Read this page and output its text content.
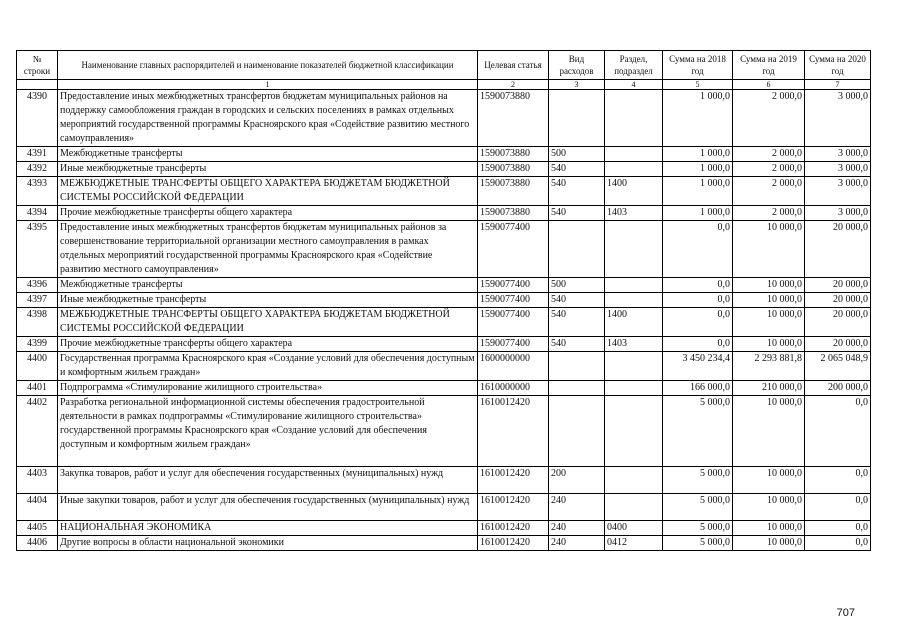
№ строки	Наименование главных распорядителей и наименование показателей бюджетной классификации	Целевая статья	Вид расходов	Раздел, подраздел	Сумма на 2018 год	Сумма на 2019 год	Сумма на 2020 год
	1	2	3	4	5	6	7
4390	Предоставление иных межбюджетных трансфертов бюджетам муниципальных районов на поддержку самообложения граждан в городских и сельских поселениях в рамках отдельных мероприятий государственной программы Красноярского края «Содействие развитию местного самоуправления»	1590073880			1 000,0	2 000,0	3 000,0
4391	Межбюджетные трансферты	1590073880	500		1 000,0	2 000,0	3 000,0
4392	Иные межбюджетные трансферты	1590073880	540		1 000,0	2 000,0	3 000,0
4393	МЕЖБЮДЖЕТНЫЕ ТРАНСФЕРТЫ ОБЩЕГО ХАРАКТЕРА БЮДЖЕТАМ БЮДЖЕТНОЙ СИСТЕМЫ РОССИЙСКОЙ ФЕДЕРАЦИИ	1590073880	540	1400	1 000,0	2 000,0	3 000,0
4394	Прочие межбюджетные трансферты общего характера	1590073880	540	1403	1 000,0	2 000,0	3 000,0
4395	Предоставление иных межбюджетных трансфертов бюджетам муниципальных районов за совершенствование территориальной организации местного самоуправления в рамках отдельных мероприятий государственной программы Красноярского края «Содействие развитию местного самоуправления»	1590077400			0,0	10 000,0	20 000,0
4396	Межбюджетные трансферты	1590077400	500		0,0	10 000,0	20 000,0
4397	Иные межбюджетные трансферты	1590077400	540		0,0	10 000,0	20 000,0
4398	МЕЖБЮДЖЕТНЫЕ ТРАНСФЕРТЫ ОБЩЕГО ХАРАКТЕРА БЮДЖЕТАМ БЮДЖЕТНОЙ СИСТЕМЫ РОССИЙСКОЙ ФЕДЕРАЦИИ	1590077400	540	1400	0,0	10 000,0	20 000,0
4399	Прочие межбюджетные трансферты общего характера	1590077400	540	1403	0,0	10 000,0	20 000,0
4400	Государственная программа Красноярского края «Создание условий для обеспечения доступным и комфортным жильем граждан»	1600000000			3 450 234,4	2 293 881,8	2 065 048,9
4401	Подпрограмма «Стимулирование жилищного строительства»	1610000000			166 000,0	210 000,0	200 000,0
4402	Разработка региональной информационной системы обеспечения градостроительной деятельности в рамках подпрограммы «Стимулирование жилищного строительства» государственной программы Красноярского края «Создание условий для обеспечения доступным и комфортным жильем граждан»	1610012420			5 000,0	10 000,0	0,0
4403	Закупка товаров, работ и услуг для обеспечения государственных (муниципальных) нужд	1610012420	200		5 000,0	10 000,0	0,0
4404	Иные закупки товаров, работ и услуг для обеспечения государственных (муниципальных) нужд	1610012420	240		5 000,0	10 000,0	0,0
4405	НАЦИОНАЛЬНАЯ ЭКОНОМИКА	1610012420	240	0400	5 000,0	10 000,0	0,0
4406	Другие вопросы в области национальной экономики	1610012420	240	0412	5 000,0	10 000,0	0,0
707
